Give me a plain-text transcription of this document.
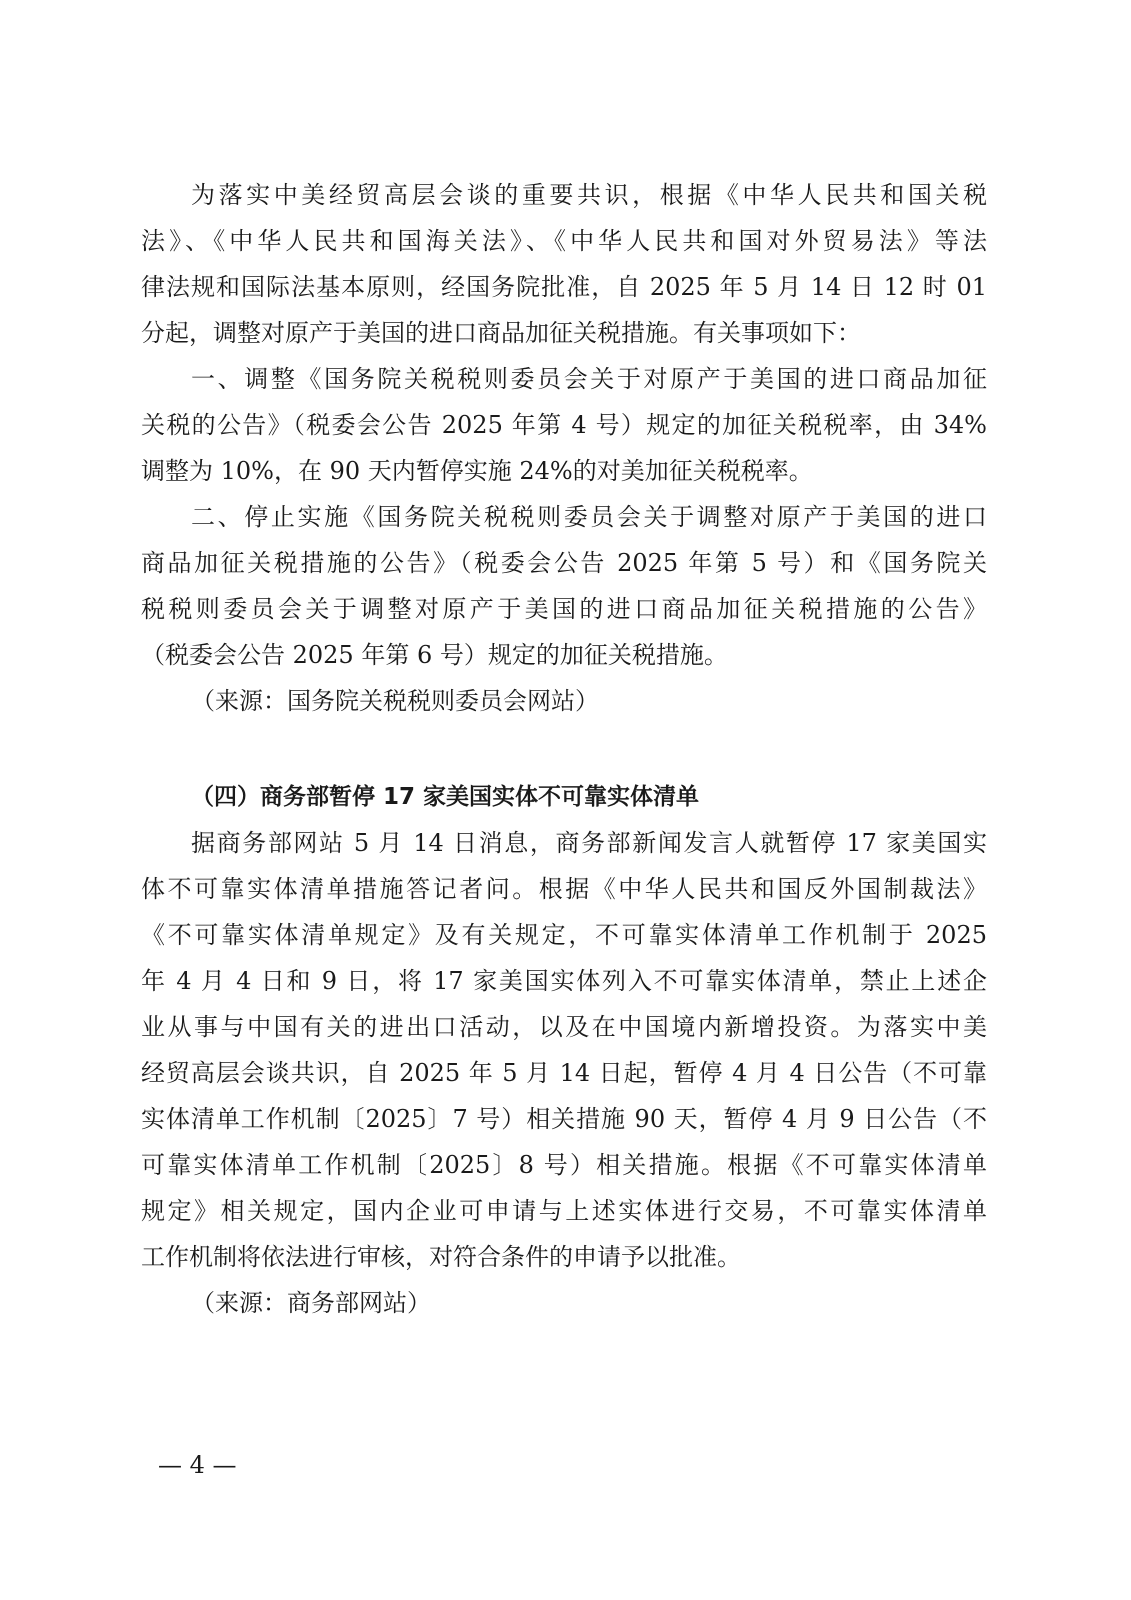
为落实中美经贸高层会谈的重要共识，根据《中华人民共和国关税
法》、《中华人民共和国海关法》、《中华人民共和国对外贸易法》等法
律法规和国际法基本原则，经国务院批准，自 2025 年 5 月 14 日 12 时 01
分起，调整对原产于美国的进口商品加征关税措施。有关事项如下：
一、调整《国务院关税税则委员会关于对原产于美国的进口商品加征
关税的公告》（税委会公告 2025 年第 4 号）规定的加征关税税率，由 34%
调整为 10%，在 90 天内暂停实施 24%的对美加征关税税率。
二、停止实施《国务院关税税则委员会关于调整对原产于美国的进口
商品加征关税措施的公告》（税委会公告 2025 年第 5 号）和《国务院关
税税则委员会关于调整对原产于美国的进口商品加征关税措施的公告》
（税委会公告 2025 年第 6 号）规定的加征关税措施。
（来源：国务院关税税则委员会网站）
（四）商务部暂停 17 家美国实体不可靠实体清单
据商务部网站 5 月 14 日消息，商务部新闻发言人就暂停 17 家美国实
体不可靠实体清单措施答记者问。根据《中华人民共和国反外国制裁法》
《不可靠实体清单规定》及有关规定，不可靠实体清单工作机制于 2025
年 4 月 4 日和 9 日，将 17 家美国实体列入不可靠实体清单，禁止上述企
业从事与中国有关的进出口活动，以及在中国境内新增投资。为落实中美
经贸高层会谈共识，自 2025 年 5 月 14 日起，暂停 4 月 4 日公告（不可靠
实体清单工作机制〔2025〕7 号）相关措施 90 天，暂停 4 月 9 日公告（不
可靠实体清单工作机制〔2025〕8 号）相关措施。根据《不可靠实体清单
规定》相关规定，国内企业可申请与上述实体进行交易，不可靠实体清单
工作机制将依法进行审核，对符合条件的申请予以批准。
（来源：商务部网站）
— 4 —
